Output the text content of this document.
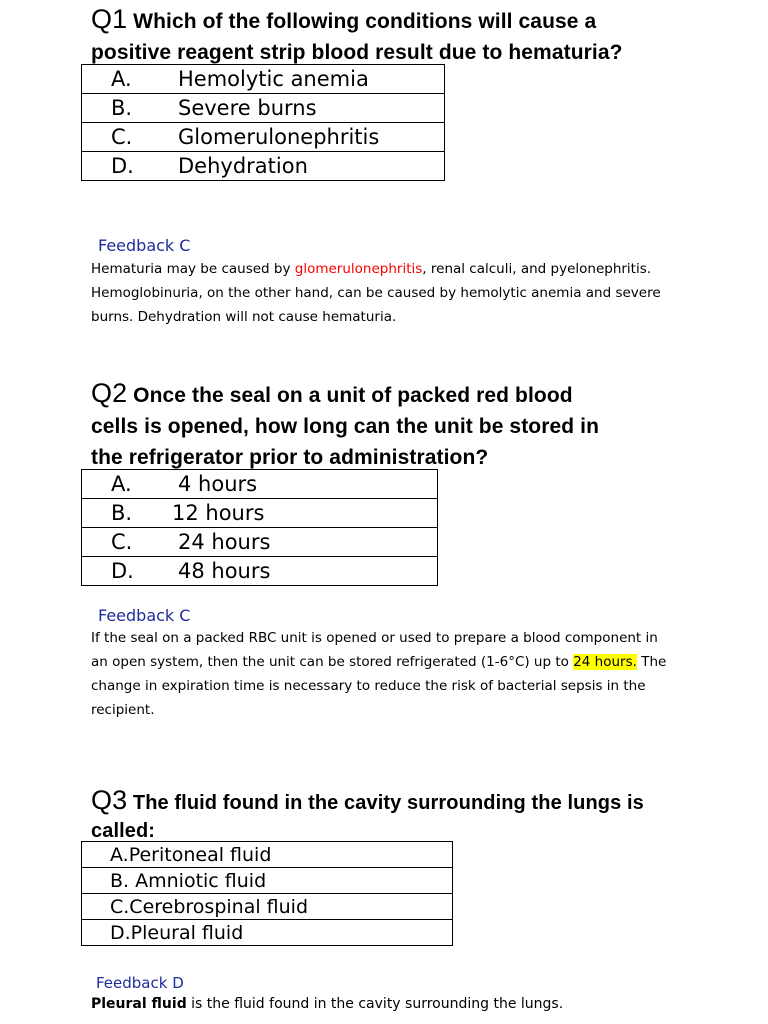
Q1 Which of the following conditions will cause a
positive reagent strip blood result due to hematuria?
A. Hemolytic anemia
B. Severe burns
C. Glomerulonephritis
D. Dehydration
Feedback C
Hematuria may be caused by glomerulonephritis, renal calculi, and pyelonephritis. Hemoglobinuria, on the other hand, can be caused by hemolytic anemia and severe burns. Dehydration will not cause hematuria.
Q2 Once the seal on a unit of packed red blood
cells is opened, how long can the unit be stored in
the refrigerator prior to administration?
A. 4 hours
B. 12 hours
C. 24 hours
D. 48 hours
Feedback C
If the seal on a packed RBC unit is opened or used to prepare a blood component in an open system, then the unit can be stored refrigerated (1-6°C) up to 24 hours. The change in expiration time is necessary to reduce the risk of bacterial sepsis in the recipient.
Q3 The fluid found in the cavity surrounding the lungs is
called:
A.Peritoneal fluid
B. Amniotic fluid
C.Cerebrospinal fluid
D.Pleural fluid
Feedback D
Pleural fluid is the fluid found in the cavity surrounding the lungs.
